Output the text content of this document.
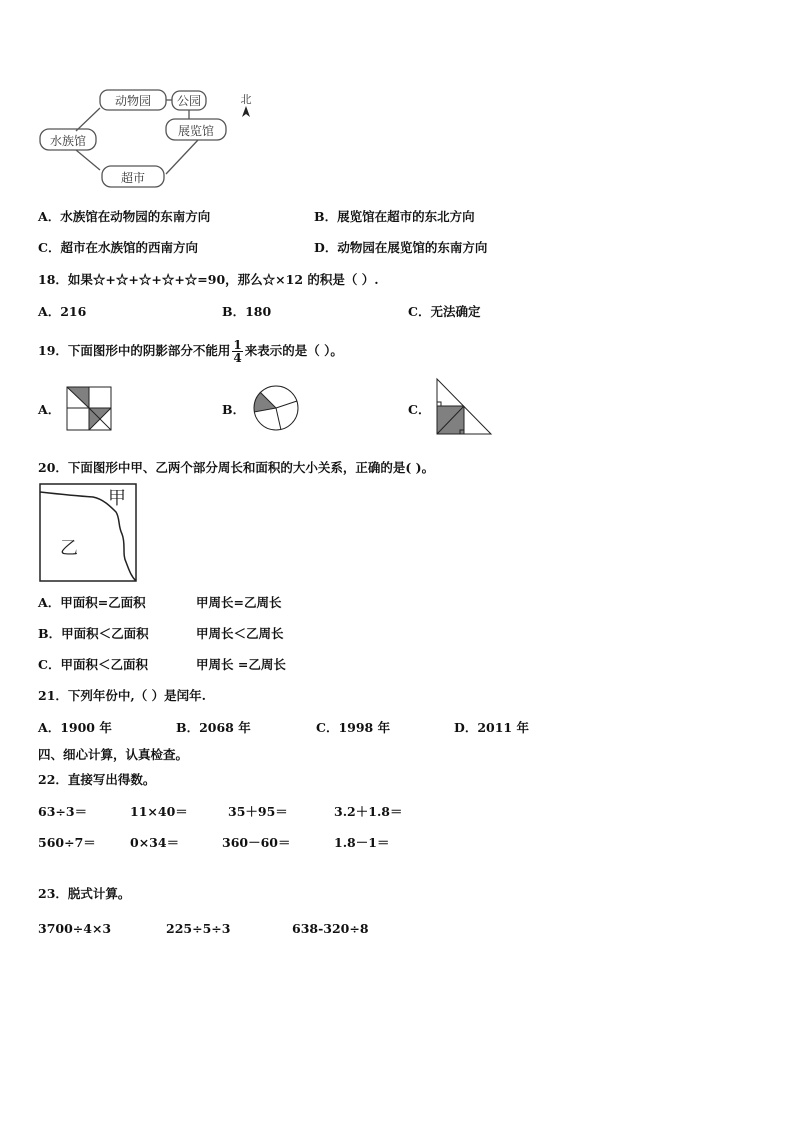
动物园 公园
展览馆
水族馆
超市
北
A．水族馆在动物园的东南方向	B．展览馆在超市的东北方向
C．超市在水族馆的西南方向	D．动物园在展览馆的东南方向
18．如果☆+☆+☆+☆+☆=90，那么☆×12 的积是（ ）.
A．216	B．180	C．无法确定
19．下面图形中的阴影部分不能用 $\frac{1}{4}$ 来表示的是（ ）。
A．	B．	C．
20．下面图形中甲、乙两个部分周长和面积的大小关系，正确的是( )。
甲
乙
A．甲面积=乙面积	甲周长=乙周长
B．甲面积＜乙面积	甲周长＜乙周长
C．甲面积＜乙面积	甲周长 =乙周长
21．下列年份中,（ ）是闰年.
A．1900 年	B．2068 年	C．1998 年	D．2011 年
四、细心计算，认真检查。
22．直接写出得数。
63÷3＝	11×40＝	35＋95＝	3.2＋1.8＝
560÷7＝	0×34＝	360－60＝	1.8－1＝
23．脱式计算。
3700÷4×3	225÷5÷3	638-320÷8
